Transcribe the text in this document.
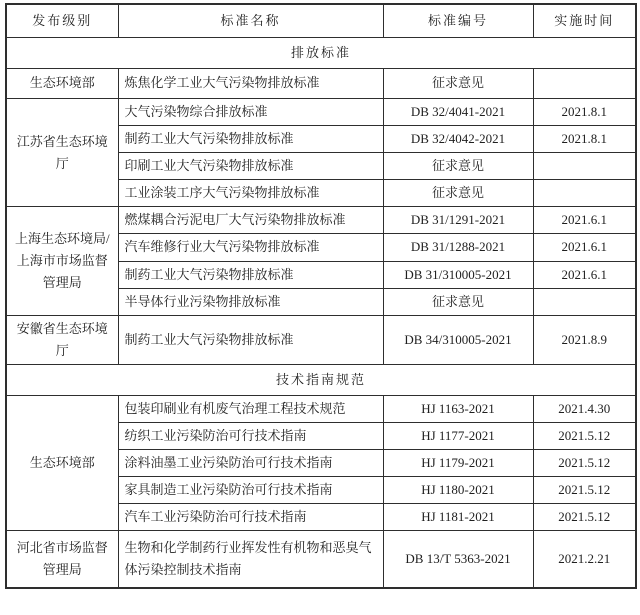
发布级别	标准名称	标准编号	实施时间
排放标准			
生态环境部	炼焦化学工业大气污染物排放标准	征求意见	
江苏省生态环境厅	大气污染物综合排放标准	DB 32/4041-2021	2021.8.1
	制药工业大气污染物排放标准	DB 32/4042-2021	2021.8.1
	印刷工业大气污染物排放标准	征求意见	
	工业涂装工序大气污染物排放标准	征求意见	
上海生态环境局/上海市市场监督管理局	燃煤耦合污泥电厂大气污染物排放标准	DB 31/1291-2021	2021.6.1
	汽车维修行业大气污染物排放标准	DB 31/1288-2021	2021.6.1
	制药工业大气污染物排放标准	DB 31/310005-2021	2021.6.1
	半导体行业污染物排放标准	征求意见	
安徽省生态环境厅	制药工业大气污染物排放标准	DB 34/310005-2021	2021.8.9
技术指南规范			
生态环境部	包装印刷业有机废气治理工程技术规范	HJ 1163-2021	2021.4.30
	纺织工业污染防治可行技术指南	HJ 1177-2021	2021.5.12
	涂料油墨工业污染防治可行技术指南	HJ 1179-2021	2021.5.12
	家具制造工业污染防治可行技术指南	HJ 1180-2021	2021.5.12
	汽车工业污染防治可行技术指南	HJ 1181-2021	2021.5.12
河北省市场监督管理局	生物和化学制药行业挥发性有机物和恶臭气体污染控制技术指南	DB 13/T 5363-2021	2021.2.21
